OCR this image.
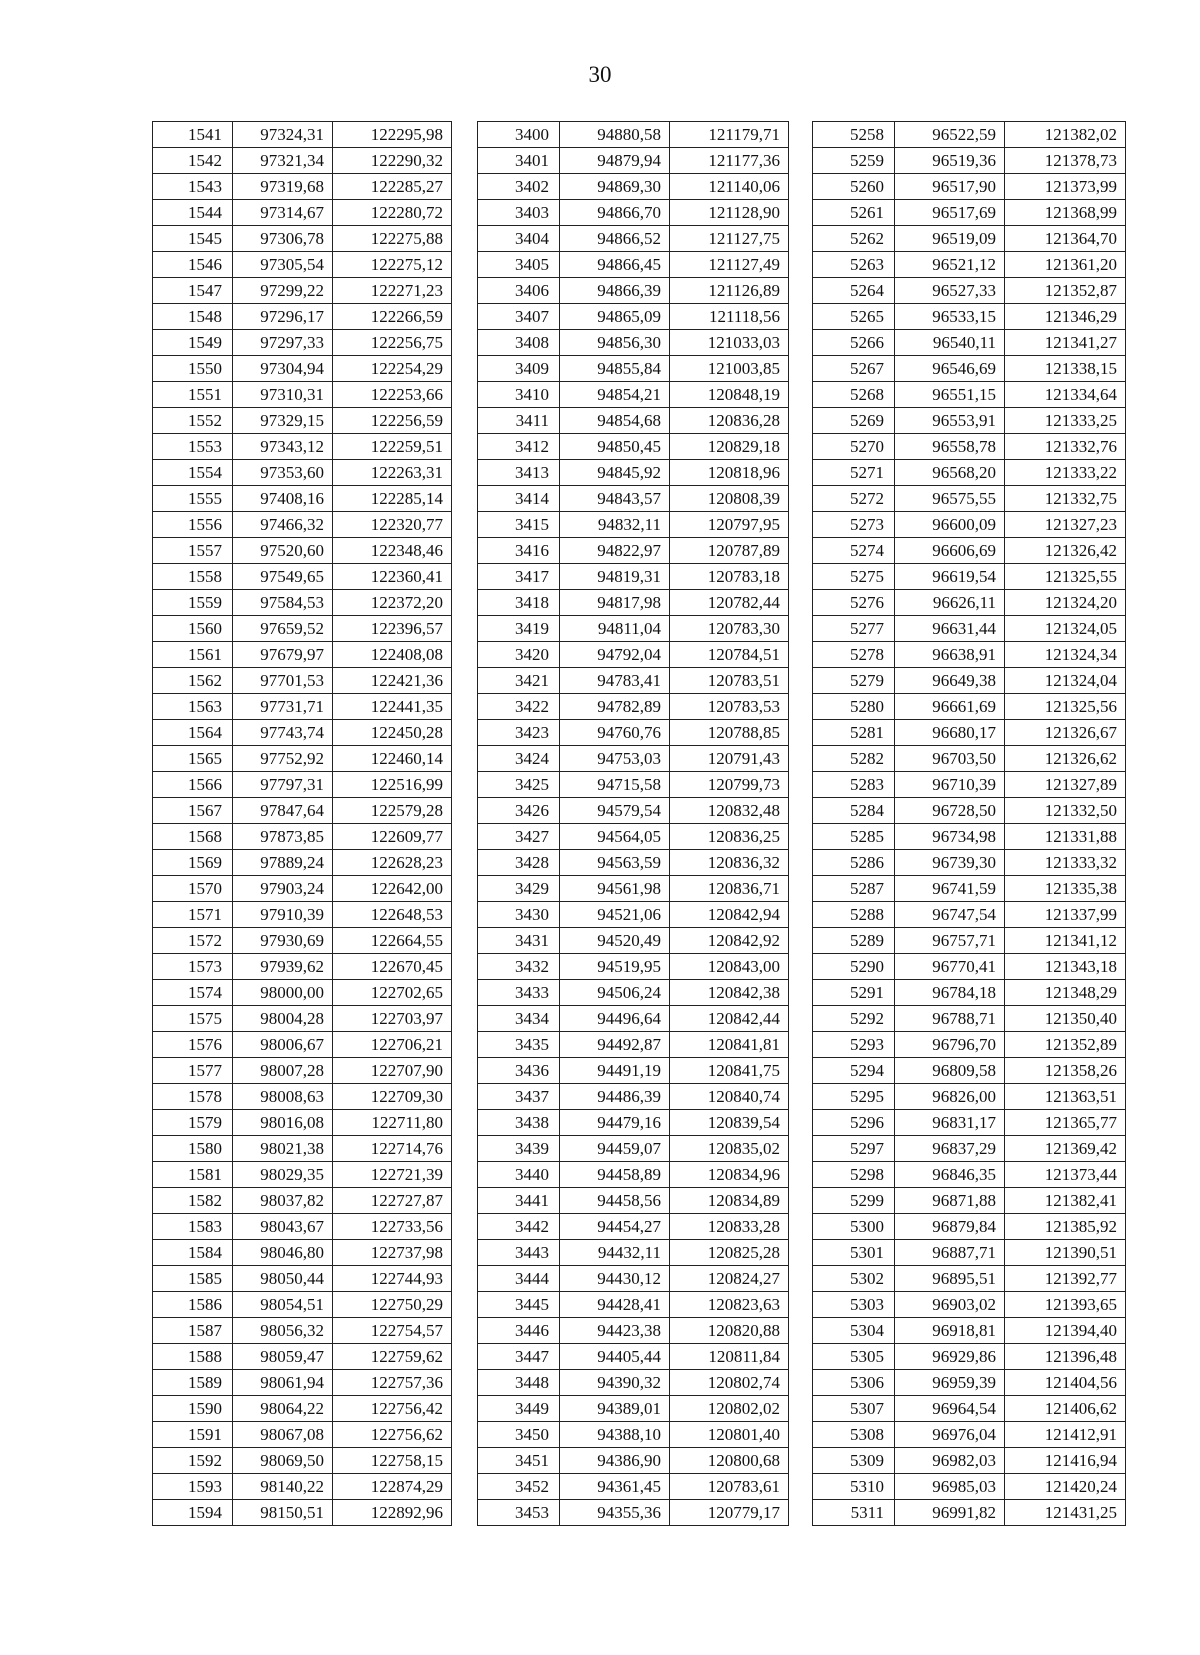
30
1541	97324,31	122295,98
1542	97321,34	122290,32
1543	97319,68	122285,27
1544	97314,67	122280,72
1545	97306,78	122275,88
1546	97305,54	122275,12
1547	97299,22	122271,23
1548	97296,17	122266,59
1549	97297,33	122256,75
1550	97304,94	122254,29
1551	97310,31	122253,66
1552	97329,15	122256,59
1553	97343,12	122259,51
1554	97353,60	122263,31
1555	97408,16	122285,14
1556	97466,32	122320,77
1557	97520,60	122348,46
1558	97549,65	122360,41
1559	97584,53	122372,20
1560	97659,52	122396,57
1561	97679,97	122408,08
1562	97701,53	122421,36
1563	97731,71	122441,35
1564	97743,74	122450,28
1565	97752,92	122460,14
1566	97797,31	122516,99
1567	97847,64	122579,28
1568	97873,85	122609,77
1569	97889,24	122628,23
1570	97903,24	122642,00
1571	97910,39	122648,53
1572	97930,69	122664,55
1573	97939,62	122670,45
1574	98000,00	122702,65
1575	98004,28	122703,97
1576	98006,67	122706,21
1577	98007,28	122707,90
1578	98008,63	122709,30
1579	98016,08	122711,80
1580	98021,38	122714,76
1581	98029,35	122721,39
1582	98037,82	122727,87
1583	98043,67	122733,56
1584	98046,80	122737,98
1585	98050,44	122744,93
1586	98054,51	122750,29
1587	98056,32	122754,57
1588	98059,47	122759,62
1589	98061,94	122757,36
1590	98064,22	122756,42
1591	98067,08	122756,62
1592	98069,50	122758,15
1593	98140,22	122874,29
1594	98150,51	122892,96
3400	94880,58	121179,71
3401	94879,94	121177,36
3402	94869,30	121140,06
3403	94866,70	121128,90
3404	94866,52	121127,75
3405	94866,45	121127,49
3406	94866,39	121126,89
3407	94865,09	121118,56
3408	94856,30	121033,03
3409	94855,84	121003,85
3410	94854,21	120848,19
3411	94854,68	120836,28
3412	94850,45	120829,18
3413	94845,92	120818,96
3414	94843,57	120808,39
3415	94832,11	120797,95
3416	94822,97	120787,89
3417	94819,31	120783,18
3418	94817,98	120782,44
3419	94811,04	120783,30
3420	94792,04	120784,51
3421	94783,41	120783,51
3422	94782,89	120783,53
3423	94760,76	120788,85
3424	94753,03	120791,43
3425	94715,58	120799,73
3426	94579,54	120832,48
3427	94564,05	120836,25
3428	94563,59	120836,32
3429	94561,98	120836,71
3430	94521,06	120842,94
3431	94520,49	120842,92
3432	94519,95	120843,00
3433	94506,24	120842,38
3434	94496,64	120842,44
3435	94492,87	120841,81
3436	94491,19	120841,75
3437	94486,39	120840,74
3438	94479,16	120839,54
3439	94459,07	120835,02
3440	94458,89	120834,96
3441	94458,56	120834,89
3442	94454,27	120833,28
3443	94432,11	120825,28
3444	94430,12	120824,27
3445	94428,41	120823,63
3446	94423,38	120820,88
3447	94405,44	120811,84
3448	94390,32	120802,74
3449	94389,01	120802,02
3450	94388,10	120801,40
3451	94386,90	120800,68
3452	94361,45	120783,61
3453	94355,36	120779,17
5258	96522,59	121382,02
5259	96519,36	121378,73
5260	96517,90	121373,99
5261	96517,69	121368,99
5262	96519,09	121364,70
5263	96521,12	121361,20
5264	96527,33	121352,87
5265	96533,15	121346,29
5266	96540,11	121341,27
5267	96546,69	121338,15
5268	96551,15	121334,64
5269	96553,91	121333,25
5270	96558,78	121332,76
5271	96568,20	121333,22
5272	96575,55	121332,75
5273	96600,09	121327,23
5274	96606,69	121326,42
5275	96619,54	121325,55
5276	96626,11	121324,20
5277	96631,44	121324,05
5278	96638,91	121324,34
5279	96649,38	121324,04
5280	96661,69	121325,56
5281	96680,17	121326,67
5282	96703,50	121326,62
5283	96710,39	121327,89
5284	96728,50	121332,50
5285	96734,98	121331,88
5286	96739,30	121333,32
5287	96741,59	121335,38
5288	96747,54	121337,99
5289	96757,71	121341,12
5290	96770,41	121343,18
5291	96784,18	121348,29
5292	96788,71	121350,40
5293	96796,70	121352,89
5294	96809,58	121358,26
5295	96826,00	121363,51
5296	96831,17	121365,77
5297	96837,29	121369,42
5298	96846,35	121373,44
5299	96871,88	121382,41
5300	96879,84	121385,92
5301	96887,71	121390,51
5302	96895,51	121392,77
5303	96903,02	121393,65
5304	96918,81	121394,40
5305	96929,86	121396,48
5306	96959,39	121404,56
5307	96964,54	121406,62
5308	96976,04	121412,91
5309	96982,03	121416,94
5310	96985,03	121420,24
5311	96991,82	121431,25
